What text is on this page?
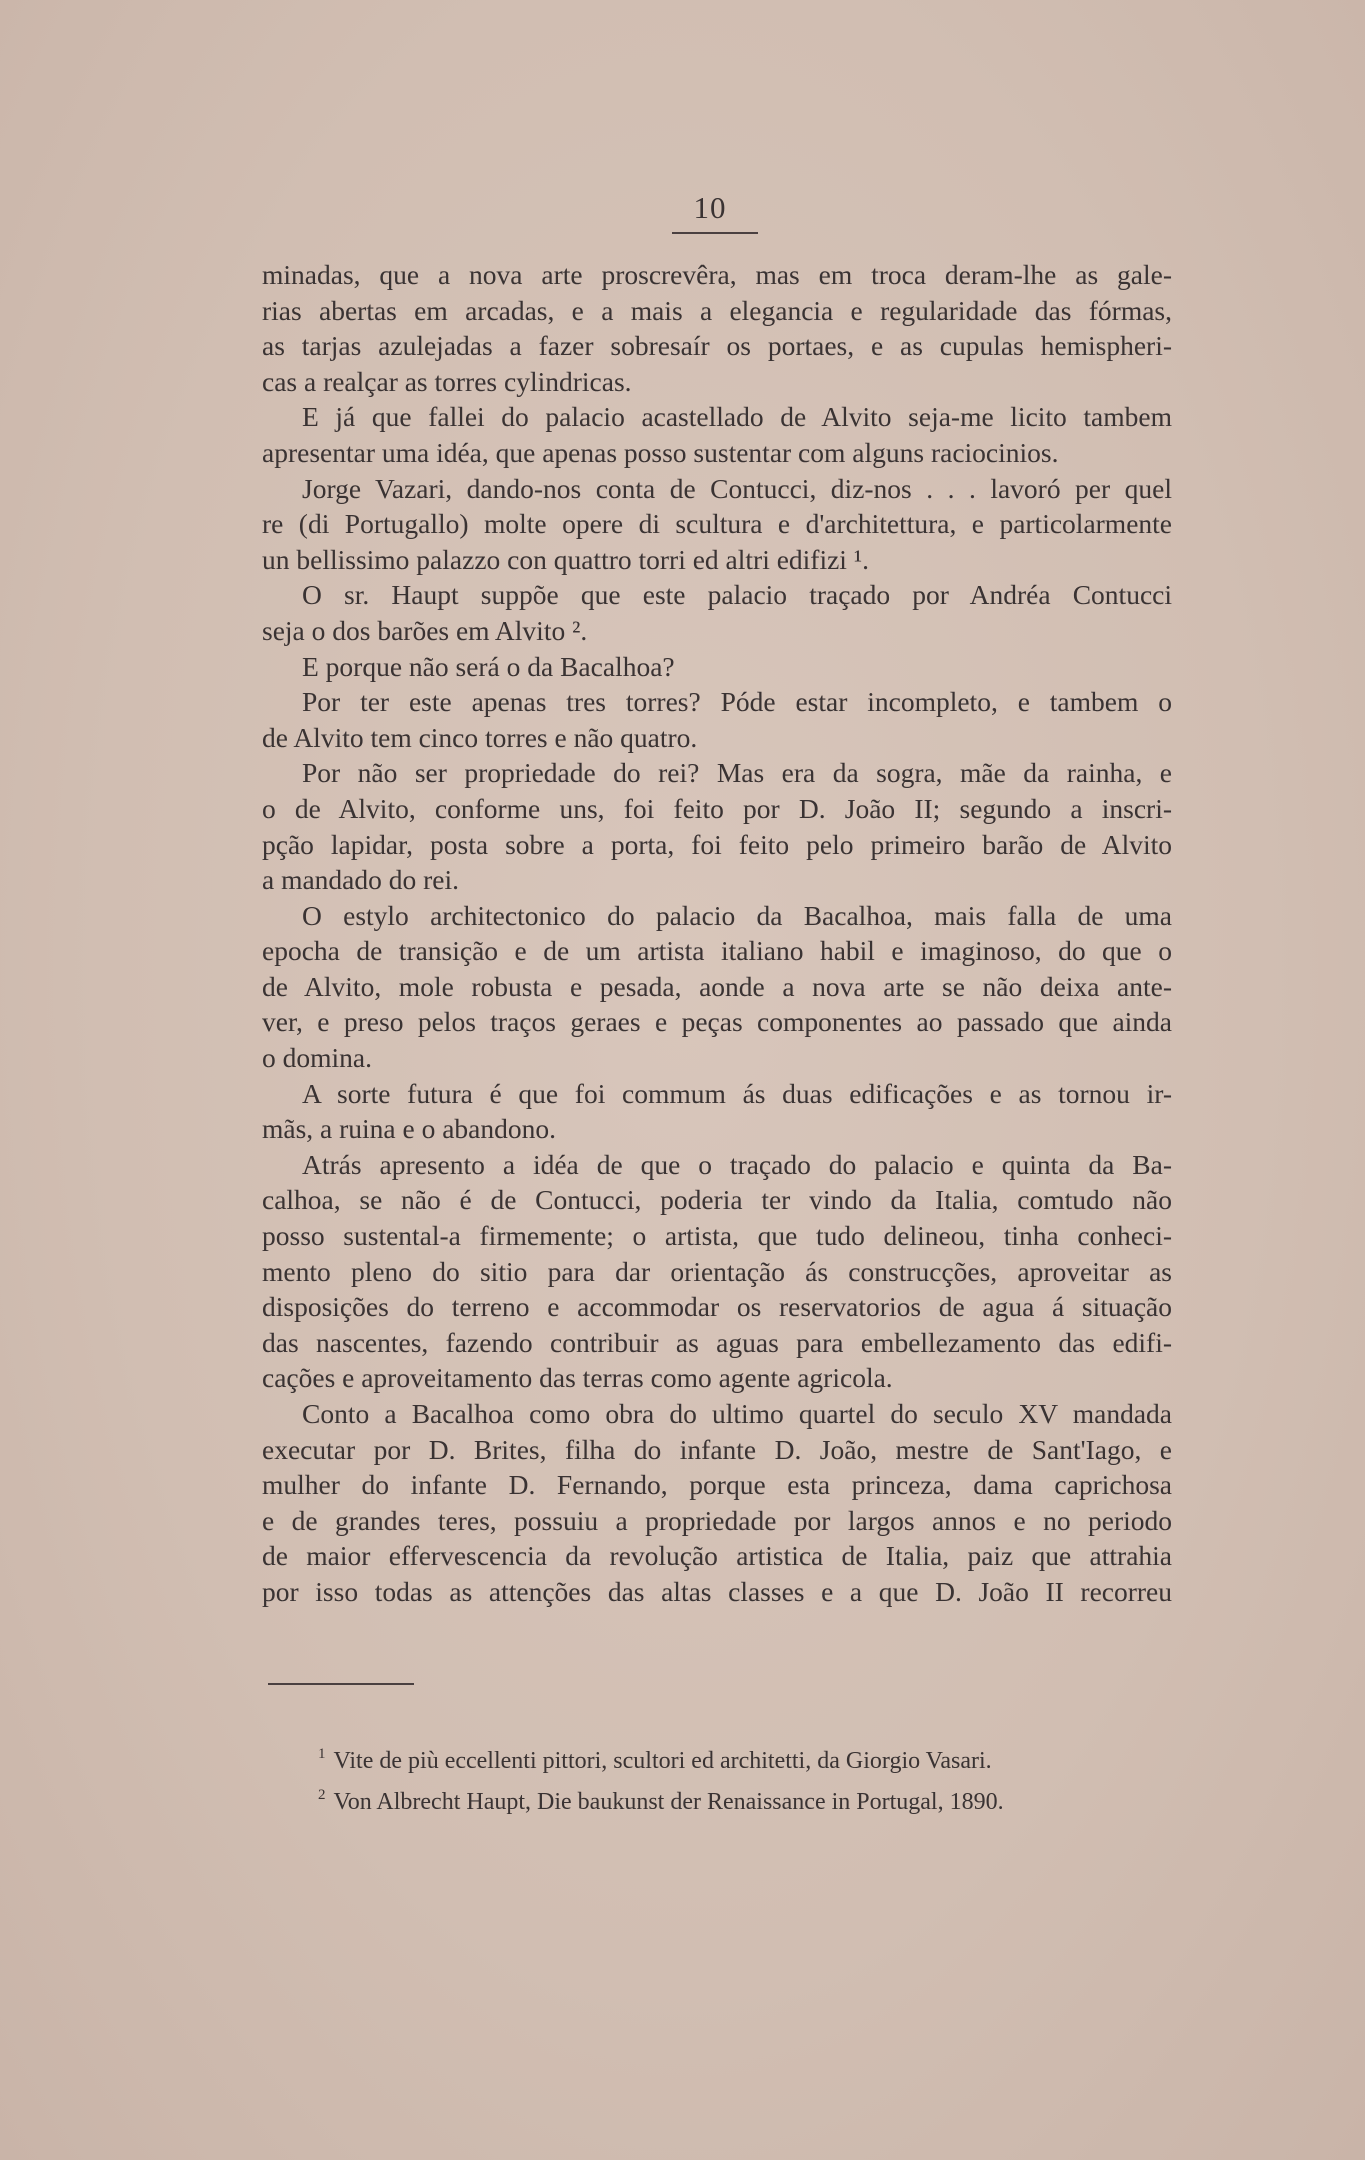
10
minadas, que a nova arte proscrevêra, mas em troca deram-lhe as gale-
rias abertas em arcadas, e a mais a elegancia e regularidade das fórmas,
as tarjas azulejadas a fazer sobresaír os portaes, e as cupulas hemispheri-
cas a realçar as torres cylindricas.
E já que fallei do palacio acastellado de Alvito seja-me licito tambem
apresentar uma idéa, que apenas posso sustentar com alguns raciocinios.
Jorge Vazari, dando-nos conta de Contucci, diz-nos . . . lavoró per quel
re (di Portugallo) molte opere di scultura e d'architettura, e particolarmente
un bellissimo palazzo con quattro torri ed altri edifizi ¹.
O sr. Haupt suppõe que este palacio traçado por Andréa Contucci
seja o dos barões em Alvito ².
E porque não será o da Bacalhoa?
Por ter este apenas tres torres? Póde estar incompleto, e tambem o
de Alvito tem cinco torres e não quatro.
Por não ser propriedade do rei? Mas era da sogra, mãe da rainha, e
o de Alvito, conforme uns, foi feito por D. João II; segundo a inscri-
pção lapidar, posta sobre a porta, foi feito pelo primeiro barão de Alvito
a mandado do rei.
O estylo architectonico do palacio da Bacalhoa, mais falla de uma
epocha de transição e de um artista italiano habil e imaginoso, do que o
de Alvito, mole robusta e pesada, aonde a nova arte se não deixa ante-
ver, e preso pelos traços geraes e peças componentes ao passado que ainda
o domina.
A sorte futura é que foi commum ás duas edificações e as tornou ir-
mãs, a ruina e o abandono.
Atrás apresento a idéa de que o traçado do palacio e quinta da Ba-
calhoa, se não é de Contucci, poderia ter vindo da Italia, comtudo não
posso sustental-a firmemente; o artista, que tudo delineou, tinha conheci-
mento pleno do sitio para dar orientação ás construcções, aproveitar as
disposições do terreno e accommodar os reservatorios de agua á situação
das nascentes, fazendo contribuir as aguas para embellezamento das edifi-
cações e aproveitamento das terras como agente agricola.
Conto a Bacalhoa como obra do ultimo quartel do seculo XV mandada
executar por D. Brites, filha do infante D. João, mestre de Sant'Iago, e
mulher do infante D. Fernando, porque esta princeza, dama caprichosa
e de grandes teres, possuiu a propriedade por largos annos e no periodo
de maior effervescencia da revolução artistica de Italia, paiz que attrahia
por isso todas as attenções das altas classes e a que D. João II recorreu
$^1$ Vite de più eccellenti pittori, scultori ed architetti, da Giorgio Vasari.
$^2$ Von Albrecht Haupt, Die baukunst der Renaissance in Portugal, 1890.
